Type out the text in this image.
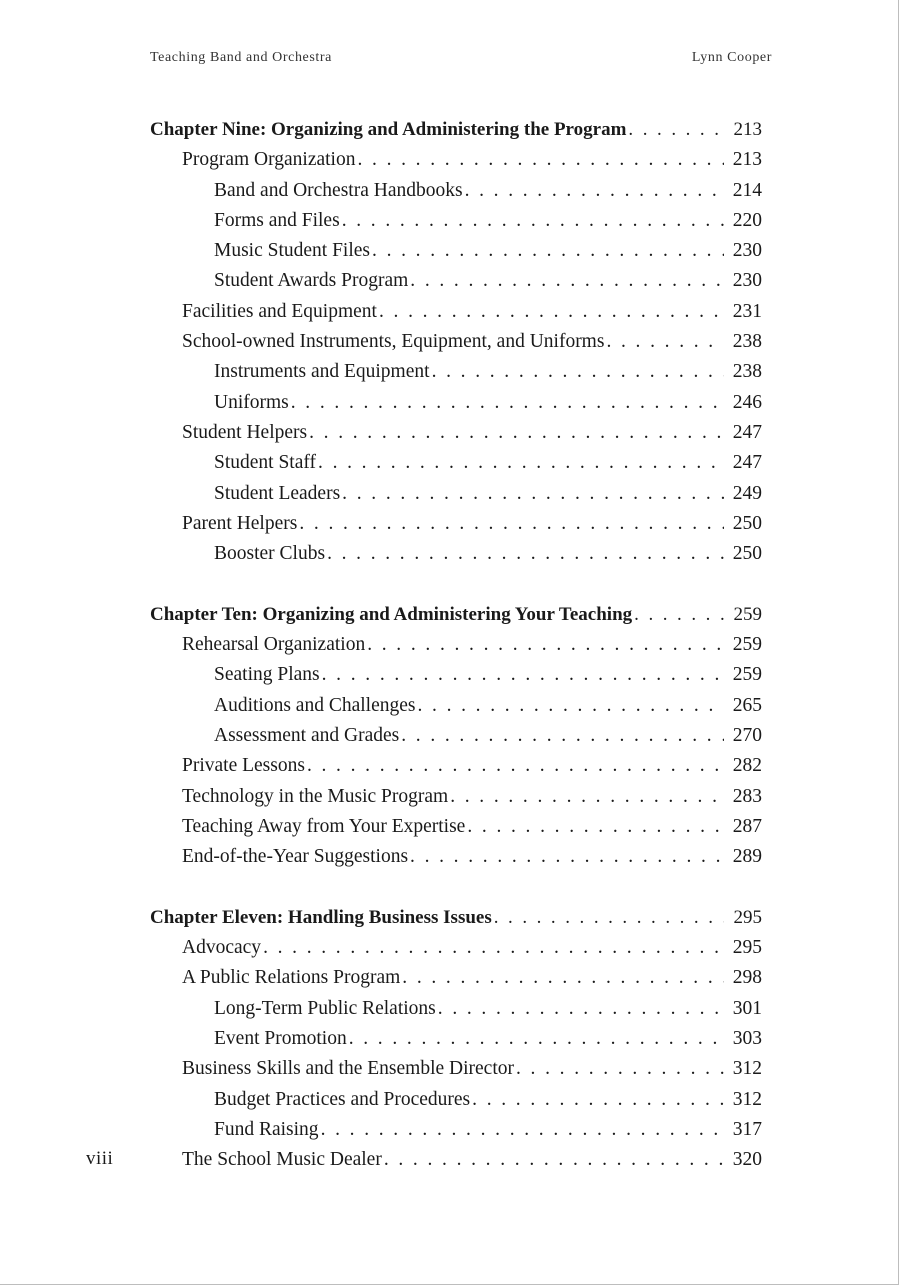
Teaching Band and Orchestra	Lynn Cooper
Chapter Nine: Organizing and Administering the Program . . .	213
Program Organization . . .	213
Band and Orchestra Handbooks . . .	214
Forms and Files . . .	220
Music Student Files . . .	230
Student Awards Program . . .	230
Facilities and Equipment . . .	231
School-owned Instruments, Equipment, and Uniforms . . .	238
Instruments and Equipment . . .	238
Uniforms . . .	246
Student Helpers . . .	247
Student Staff . . .	247
Student Leaders . . .	249
Parent Helpers . . .	250
Booster Clubs . . .	250
Chapter Ten: Organizing and Administering Your Teaching . . .	259
Rehearsal Organization . . .	259
Seating Plans . . .	259
Auditions and Challenges . . .	265
Assessment and Grades . . .	270
Private Lessons . . .	282
Technology in the Music Program . . .	283
Teaching Away from Your Expertise . . .	287
End-of-the-Year Suggestions . . .	289
Chapter Eleven: Handling Business Issues . . .	295
Advocacy . . .	295
A Public Relations Program . . .	298
Long-Term Public Relations . . .	301
Event Promotion . . .	303
Business Skills and the Ensemble Director . . .	312
Budget Practices and Procedures . . .	312
Fund Raising . . .	317
The School Music Dealer . . .	320
viii
